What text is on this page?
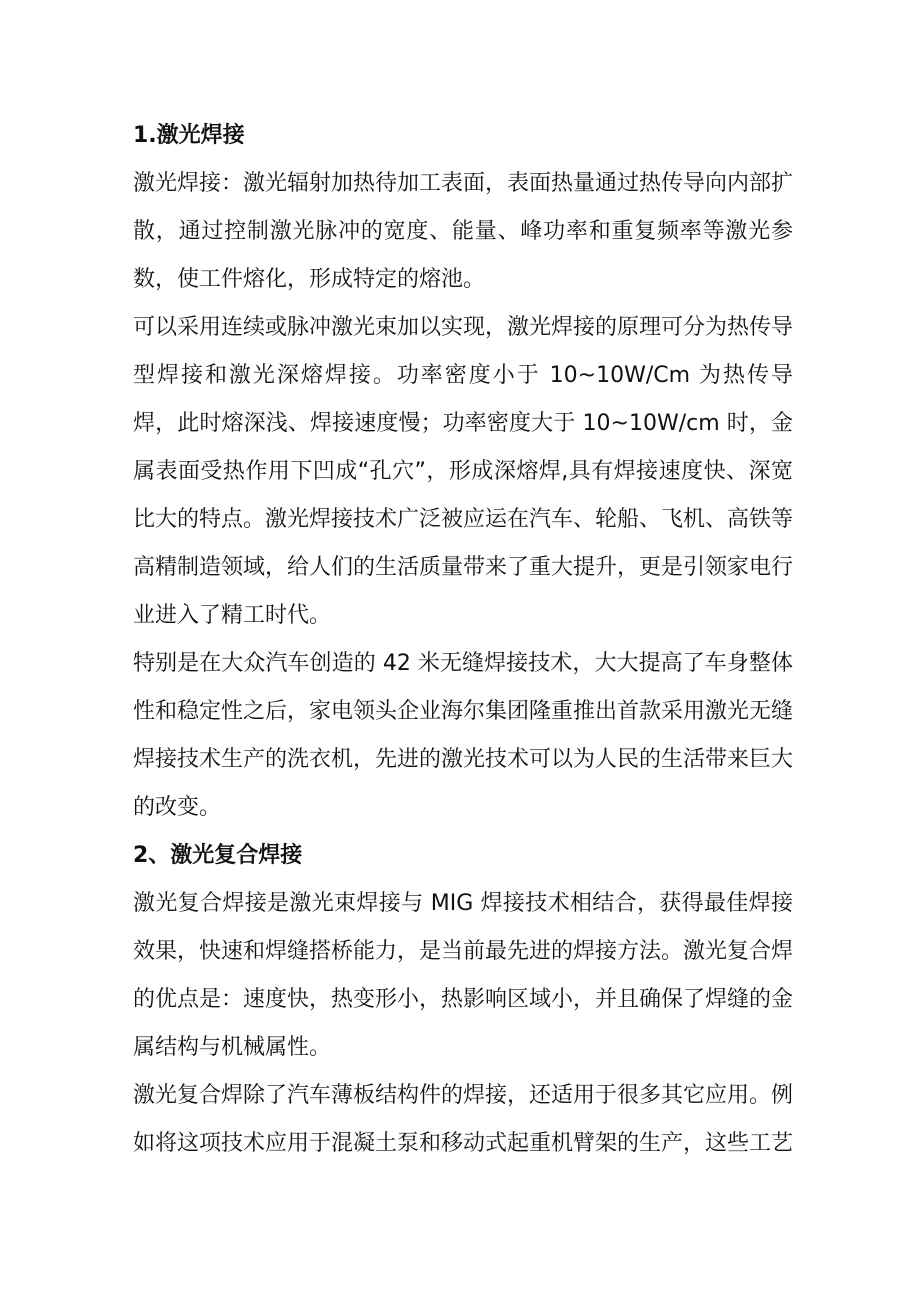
1.激光焊接

激光焊接：激光辐射加热待加工表面，表面热量通过热传导向内部扩散，通过控制激光脉冲的宽度、能量、峰功率和重复频率等激光参数，使工件熔化，形成特定的熔池。

可以采用连续或脉冲激光束加以实现，激光焊接的原理可分为热传导型焊接和激光深熔焊接。功率密度小于 10~10W/Cm 为热传导焊，此时熔深浅、焊接速度慢；功率密度大于 10~10W/cm 时，金属表面受热作用下凹成“孔穴”，形成深熔焊,具有焊接速度快、深宽比大的特点。激光焊接技术广泛被应运在汽车、轮船、飞机、高铁等高精制造领域，给人们的生活质量带来了重大提升，更是引领家电行业进入了精工时代。

特别是在大众汽车创造的 42 米无缝焊接技术，大大提高了车身整体性和稳定性之后，家电领头企业海尔集团隆重推出首款采用激光无缝焊接技术生产的洗衣机，先进的激光技术可以为人民的生活带来巨大的改变。

2、激光复合焊接

激光复合焊接是激光束焊接与 MIG 焊接技术相结合，获得最佳焊接效果，快速和焊缝搭桥能力，是当前最先进的焊接方法。激光复合焊的优点是：速度快，热变形小，热影响区域小，并且确保了焊缝的金属结构与机械属性。

激光复合焊除了汽车薄板结构件的焊接，还适用于很多其它应用。例如将这项技术应用于混凝土泵和移动式起重机臂架的生产，这些工艺
